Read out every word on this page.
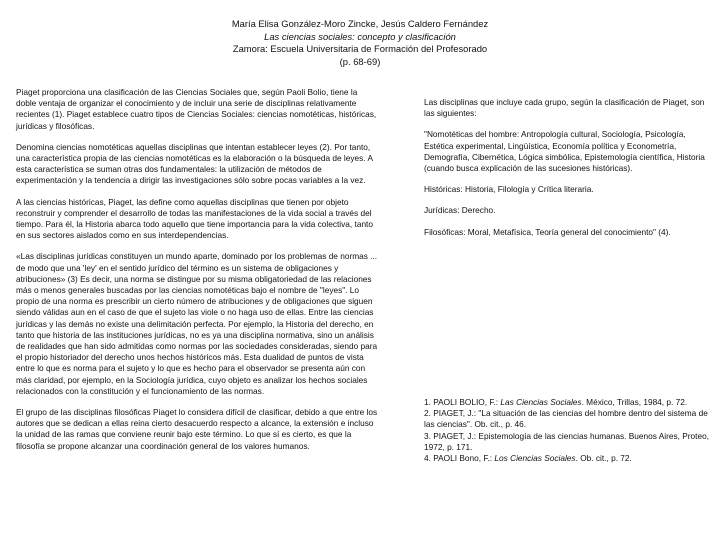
María Elisa González-Moro Zincke, Jesús Caldero Fernández
Las ciencias sociales: concepto y clasificación
Zamora: Escuela Universitaria de Formación del Profesorado
(p. 68-69)

Piaget proporciona una clasificación de las Ciencias Sociales que, según Paoli Bolio, tiene la doble ventaja de organizar el conocimiento y de incluir una serie de disciplinas relativamente recientes (1). Piaget establece cuatro tipos de Ciencias Sociales: ciencias nomotéticas, históricas, jurídicas y filosóficas.

Denomina ciencias nomotéticas aquellas disciplinas que intentan establecer leyes (2). Por tanto, una característica propia de las ciencias nomotéticas es la elaboración o la búsqueda de leyes. A esta característica se suman otras dos fundamentales: la utilización de métodos de experimentación y la tendencia a dirigir las investigaciones sólo sobre pocas variables a la vez.

A las ciencias históricas, Piaget, las define como aquellas disciplinas que tienen por objeto reconstruir y comprender el desarrollo de todas las manifestaciones de la vida social a través del tiempo. Para él, la Historia abarca todo aquello que tiene importancia para la vida colectiva, tanto en sus sectores aislados como en sus interdependencias.

«Las disciplinas jurídicas constituyen un mundo aparte, dominado por los problemas de normas ... de modo que una 'ley' en el sentido jurídico del término es un sistema de obligaciones y atribuciones» (3) Es decir, una norma se distingue por su misma obligatoriedad de las relaciones más o menos generales buscadas por las ciencias nomotéticas bajo el nombre de "leyes". Lo propio de una norma es prescribir un cierto número de atribuciones y de obligaciones que siguen siendo válidas aun en el caso de que el sujeto las viole o no haga uso de ellas. Entre las ciencias jurídicas y las demás no existe una delimitación perfecta. Por ejemplo, la Historia del derecho, en tanto que historia de las instituciones jurídicas, no es ya una disciplina normativa, sino un análisis de realidades que han sido admitidas como normas por las sociedades consideradas, siendo para el propio historiador del derecho unos hechos históricos más. Esta dualidad de puntos de vista entre lo que es norma para el sujeto y lo que es hecho para el observador se presenta aún con más claridad, por ejemplo, en la Sociología jurídica, cuyo objeto es analizar los hechos sociales relacionados con la constitución y el funcionamiento de las normas.

El grupo de las disciplinas filosóficas Piaget lo considera difícil de clasificar, debido a que entre los autores que se dedican a ellas reina cierto desacuerdo respecto a alcance, la extensión e incluso la unidad de las ramas que conviene reunir bajo este término. Lo que sí es cierto, es que la filosofía se propone alcanzar una coordinación general de los valores humanos.

Las disciplinas que incluye cada grupo, según la clasificación de Piaget, son las siguientes:

"Nomotéticas del hombre: Antropología cultural, Sociología, Psicología, Estética experimental, Lingüística, Economía política y Econometría, Demografía, Cibernética, Lógica simbólica, Epistemología científica, Historia (cuando busca explicación de las sucesiones históricas).

Históricas: Historia, Filología y Crítica literaria.

Jurídicas: Derecho.

Filosóficas: Moral, Metafísica, Teoría general del conocimiento" (4).

1. PAOLI BOLIO, F.: Las Ciencias Sociales. México, Trillas, 1984, p. 72.
2. PIAGET, J.: "La situación de las ciencias del hombre dentro del sistema de las ciencias". Ob. cit., p. 46.
3. PIAGET, J.: Epistemología de las ciencias humanas. Buenos Aires, Proteo, 1972, p. 171.
4. PAOLI Bono, F.: Los Ciencias Sociales. Ob. cit., p. 72.
